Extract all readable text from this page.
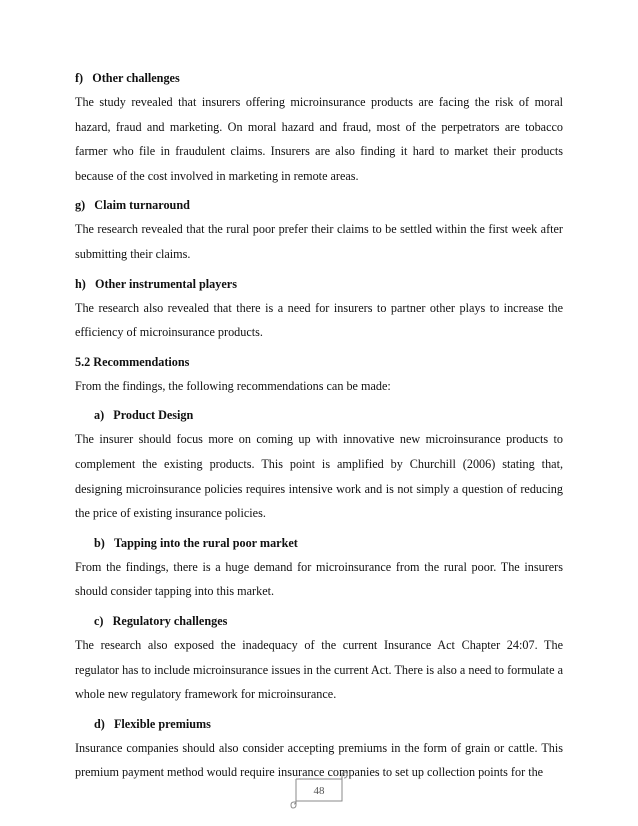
f)   Other challenges

The study revealed that insurers offering microinsurance products are facing the risk of moral hazard, fraud and marketing. On moral hazard and fraud, most of the perpetrators are tobacco farmer who file in fraudulent claims. Insurers are also finding it hard to market their products because of the cost involved in marketing in remote areas.

g)   Claim turnaround

The research revealed that the rural poor prefer their claims to be settled within the first week after submitting their claims.

h)   Other instrumental players

The research also revealed that there is a need for insurers to partner other plays to increase the efficiency of microinsurance products.

5.2 Recommendations

From the findings, the following recommendations can be made:

a)   Product Design

The insurer should focus more on coming up with innovative new microinsurance products to complement the existing products. This point is amplified by Churchill (2006) stating that, designing microinsurance policies requires intensive work and is not simply a question of reducing the price of existing insurance policies.

b)   Tapping into the rural poor market

From the findings, there is a huge demand for microinsurance from the rural poor. The insurers should consider tapping into this market.

c)   Regulatory challenges

The research also exposed the inadequacy of the current Insurance Act Chapter 24:07. The regulator has to include microinsurance issues in the current Act. There is also a need to formulate a whole new regulatory framework for microinsurance.

d)   Flexible premiums

Insurance companies should also consider accepting premiums in the form of grain or cattle. This premium payment method would require insurance companies to set up collection points for the

48
